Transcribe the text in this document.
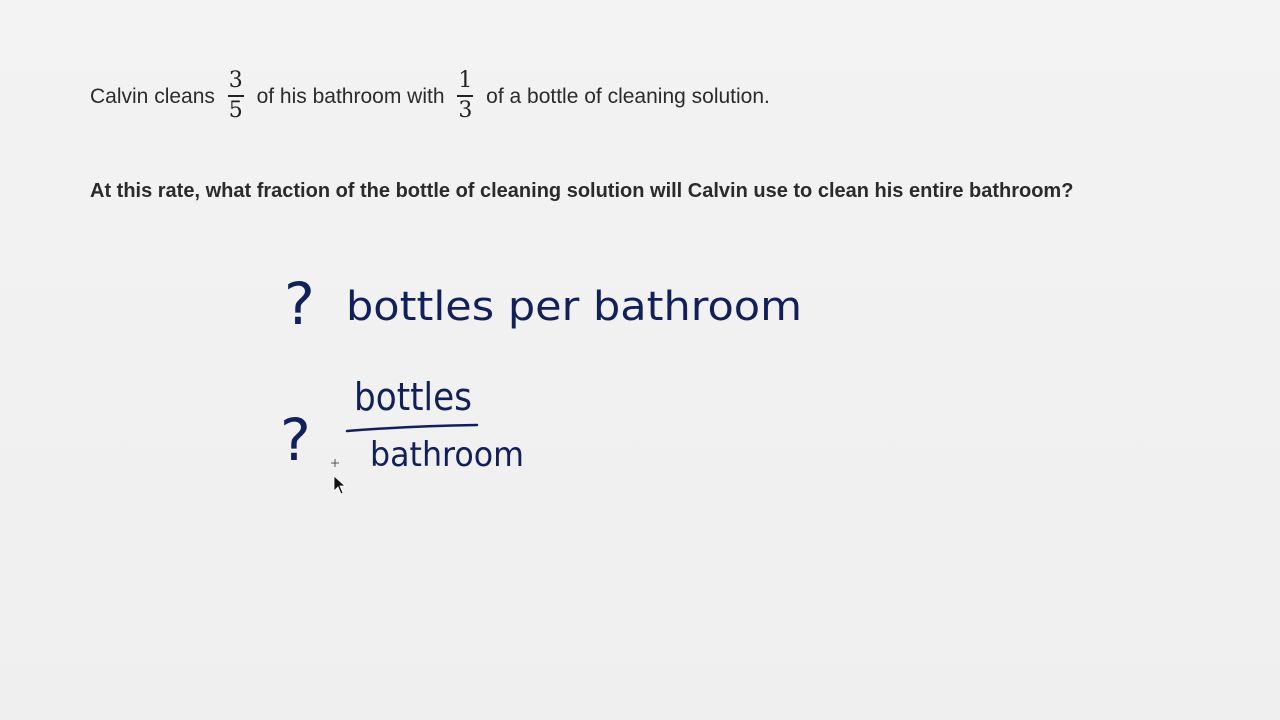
Calvin cleans $\frac{3}{5}$ of his bathroom with $\frac{1}{3}$ of a bottle of cleaning solution.
At this rate, what fraction of the bottle of cleaning solution will Calvin use to clean his entire bathroom?
? bottles per bathroom
?
bottles
bathroom
